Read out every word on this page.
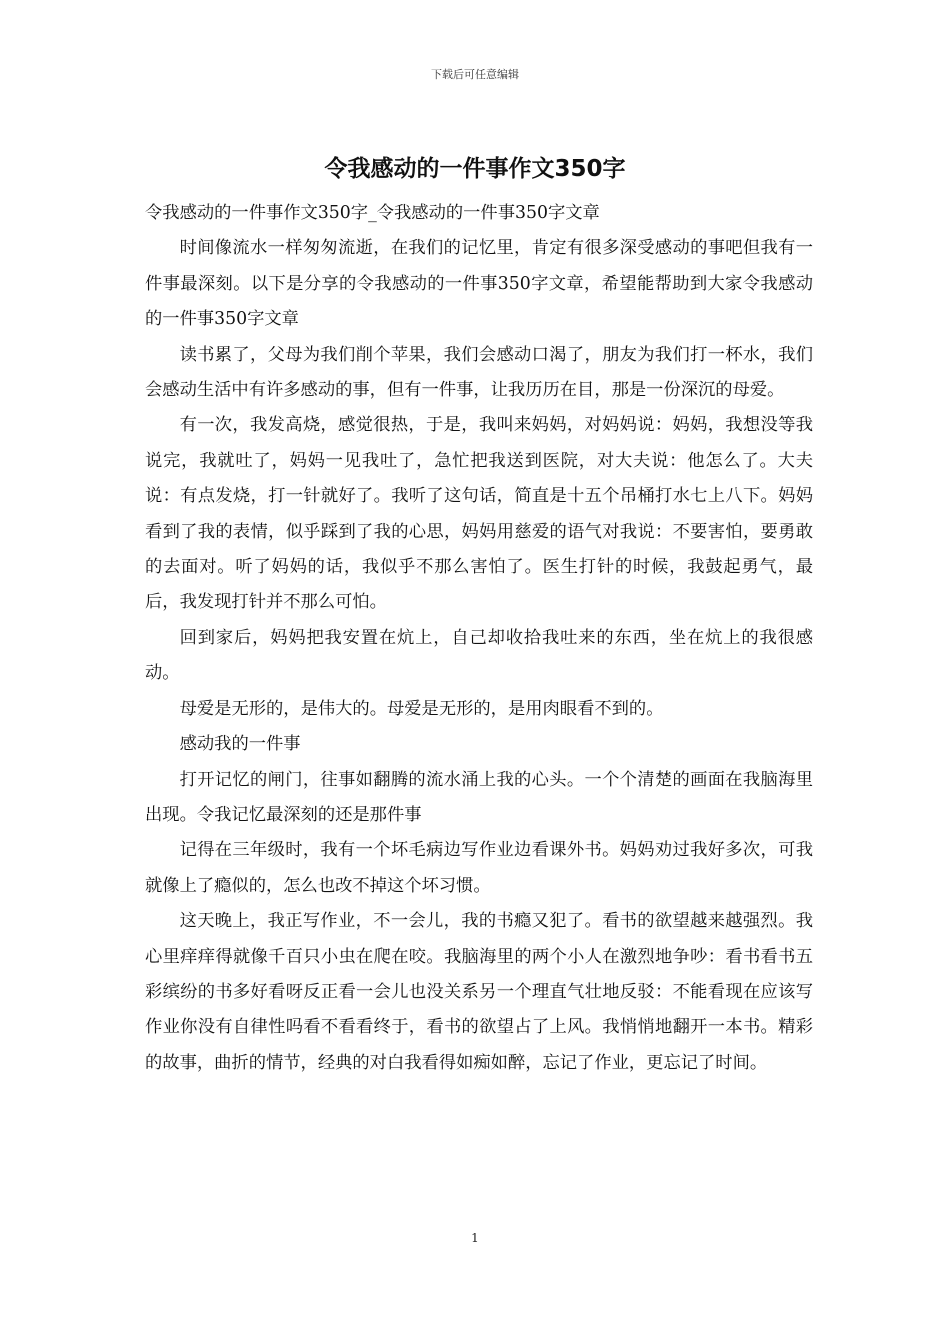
下载后可任意编辑
令我感动的一件事作文350字

令我感动的一件事作文350字_令我感动的一件事350字文章

时间像流水一样匆匆流逝，在我们的记忆里，肯定有很多深受感动的事吧但我有一件事最深刻。以下是分享的令我感动的一件事350字文章，希望能帮助到大家令我感动的一件事350字文章

读书累了，父母为我们削个苹果，我们会感动口渴了，朋友为我们打一杯水，我们会感动生活中有许多感动的事，但有一件事，让我历历在目，那是一份深沉的母爱。

有一次，我发高烧，感觉很热，于是，我叫来妈妈，对妈妈说：妈妈，我想没等我说完，我就吐了，妈妈一见我吐了，急忙把我送到医院，对大夫说：他怎么了。大夫说：有点发烧，打一针就好了。我听了这句话，简直是十五个吊桶打水七上八下。妈妈看到了我的表情，似乎踩到了我的心思，妈妈用慈爱的语气对我说：不要害怕，要勇敢的去面对。听了妈妈的话，我似乎不那么害怕了。医生打针的时候，我鼓起勇气，最后，我发现打针并不那么可怕。

回到家后，妈妈把我安置在炕上，自己却收拾我吐来的东西，坐在炕上的我很感动。

母爱是无形的，是伟大的。母爱是无形的，是用肉眼看不到的。

感动我的一件事

打开记忆的闸门，往事如翻腾的流水涌上我的心头。一个个清楚的画面在我脑海里出现。令我记忆最深刻的还是那件事

记得在三年级时，我有一个坏毛病边写作业边看课外书。妈妈劝过我好多次，可我就像上了瘾似的，怎么也改不掉这个坏习惯。

这天晚上，我正写作业，不一会儿，我的书瘾又犯了。看书的欲望越来越强烈。我心里痒痒得就像千百只小虫在爬在咬。我脑海里的两个小人在激烈地争吵：看书看书五彩缤纷的书多好看呀反正看一会儿也没关系另一个理直气壮地反驳：不能看现在应该写作业你没有自律性吗看不看看终于，看书的欲望占了上风。我悄悄地翻开一本书。精彩的故事，曲折的情节，经典的对白我看得如痴如醉，忘记了作业，更忘记了时间。

1
